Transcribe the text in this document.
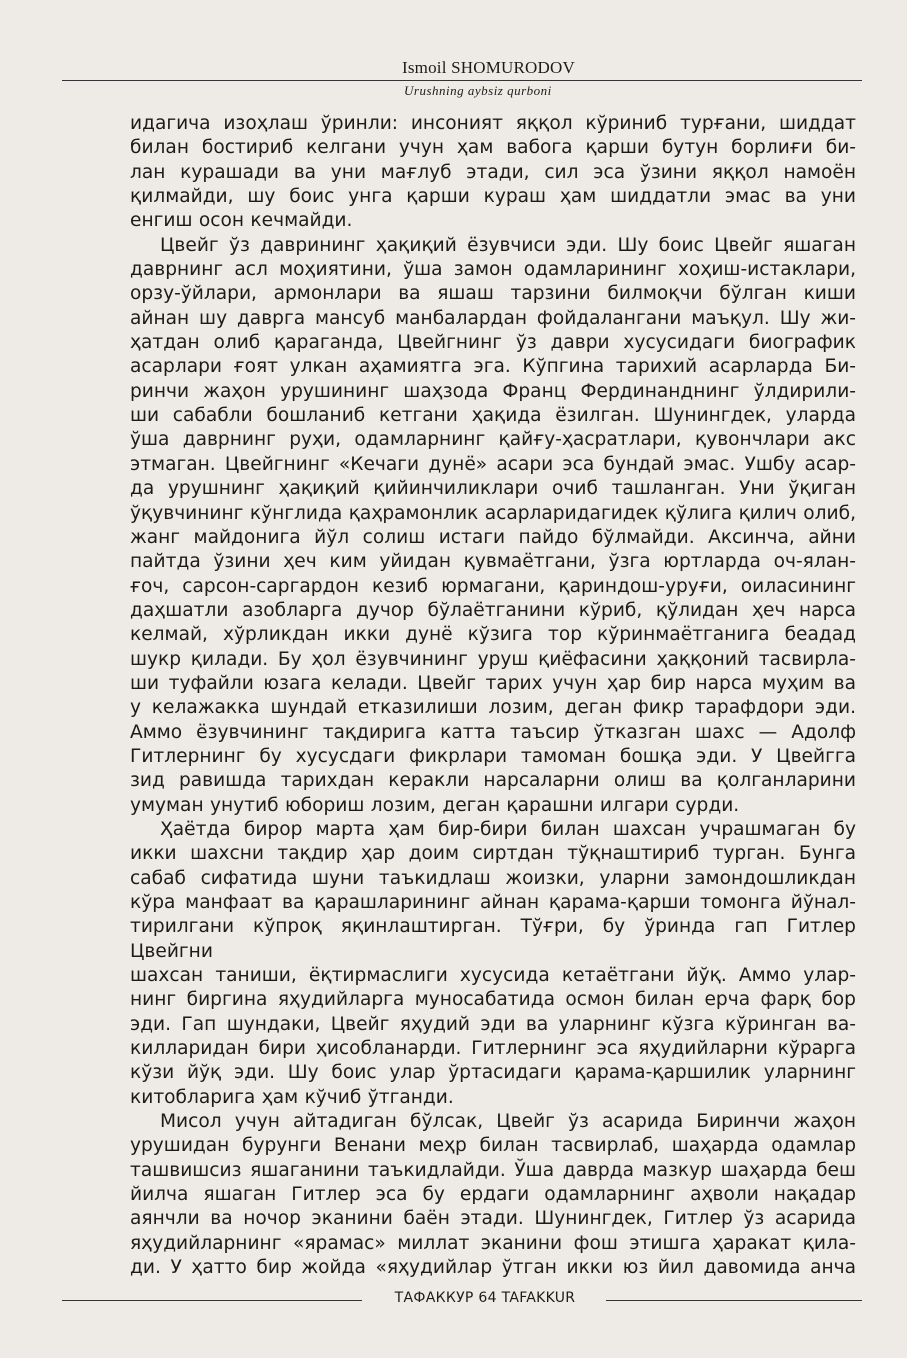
Ismoil SHOMURODOV
Urushning aybsiz qurboni

идагича изоҳлаш ўринли: инсоният яққол кўриниб турғани, шиддат

билан бостириб келгани учун ҳам вабога қарши бутун борлиғи би-

лан курашади ва уни мағлуб этади, сил эса ўзини яққол намоён

қилмайди, шу боис унга қарши кураш ҳам шиддатли эмас ва уни

енгиш осон кечмайди.

Цвейг ўз даврининг ҳақиқий ёзувчиси эди. Шу боис Цвейг яшаган

даврнинг асл моҳиятини, ўша замон одамларининг хоҳиш-истаклари,

орзу-ўйлари, армонлари ва яшаш тарзини билмоқчи бўлган киши

айнан шу даврга мансуб манбалардан фойдалангани маъқул. Шу жи-

ҳатдан олиб қараганда, Цвейгнинг ўз даври хусусидаги биографик

асарлари ғоят улкан аҳамиятга эга. Кўпгина тарихий асарларда Би-

ринчи жаҳон урушининг шаҳзода Франц Фердинанднинг ўлдирили-

ши сабабли бошланиб кетгани ҳақида ёзилган. Шунингдек, уларда

ўша даврнинг руҳи, одамларнинг қайғу-ҳасратлари, қувончлари акс

этмаган. Цвейгнинг «Кечаги дунё» асари эса бундай эмас. Ушбу асар-

да урушнинг ҳақиқий қийинчиликлари очиб ташланган. Уни ўқиган

ўқувчининг кўнглида қаҳрамонлик асарларидагидек қўлига қилич олиб,

жанг майдонига йўл солиш истаги пайдо бўлмайди. Аксинча, айни

пайтда ўзини ҳеч ким уйидан қувмаётгани, ўзга юртларда оч-ялан-

ғоч, сарсон-саргардон кезиб юрмагани, қариндош-уруғи, оиласининг

даҳшатли азобларга дучор бўлаётганини кўриб, қўлидан ҳеч нарса

келмай, хўрликдан икки дунё кўзига тор кўринмаётганига беадад

шукр қилади. Бу ҳол ёзувчининг уруш қиёфасини ҳаққоний тасвирла-

ши туфайли юзага келади. Цвейг тарих учун ҳар бир нарса муҳим ва

у келажакка шундай етказилиши лозим, деган фикр тарафдори эди.

Аммо ёзувчининг тақдирига катта таъсир ўтказган шахс — Адолф

Гитлернинг бу хусусдаги фикрлари тамоман бошқа эди. У Цвейгга

зид равишда тарихдан керакли нарсаларни олиш ва қолганларини

умуман унутиб юбориш лозим, деган қарашни илгари сурди.

Ҳаётда бирор марта ҳам бир-бири билан шахсан учрашмаган бу

икки шахсни тақдир ҳар доим сиртдан тўқнаштириб турган. Бунга

сабаб сифатида шуни таъкидлаш жоизки, уларни замондошликдан

кўра манфаат ва қарашларининг айнан қарама-қарши томонга йўнал-

тирилгани кўпроқ яқинлаштирган. Тўғри, бу ўринда гап Гитлер Цвейгни

шахсан таниши, ёқтирмаслиги хусусида кетаётгани йўқ. Аммо улар-

нинг биргина яҳудийларга муносабатида осмон билан ерча фарқ бор

эди. Гап шундаки, Цвейг яҳудий эди ва уларнинг кўзга кўринган ва-

килларидан бири ҳисобланарди. Гитлернинг эса яҳудийларни кўрарга

кўзи йўқ эди. Шу боис улар ўртасидаги қарама-қаршилик уларнинг

китобларига ҳам кўчиб ўтганди.

Мисол учун айтадиган бўлсак, Цвейг ўз асарида Биринчи жаҳон

урушидан бурунги Венани меҳр билан тасвирлаб, шаҳарда одамлар

ташвишсиз яшаганини таъкидлайди. Ўша даврда мазкур шаҳарда беш

йилча яшаган Гитлер эса бу ердаги одамларнинг аҳволи нақадар

аянчли ва ночор эканини баён этади. Шунингдек, Гитлер ўз асарида

яҳудийларнинг «ярамас» миллат эканини фош этишга ҳаракат қила-

ди. У ҳатто бир жойда «яҳудийлар ўтган икки юз йил давомида анча

ТАФАККУР 64 TAFAKKUR
